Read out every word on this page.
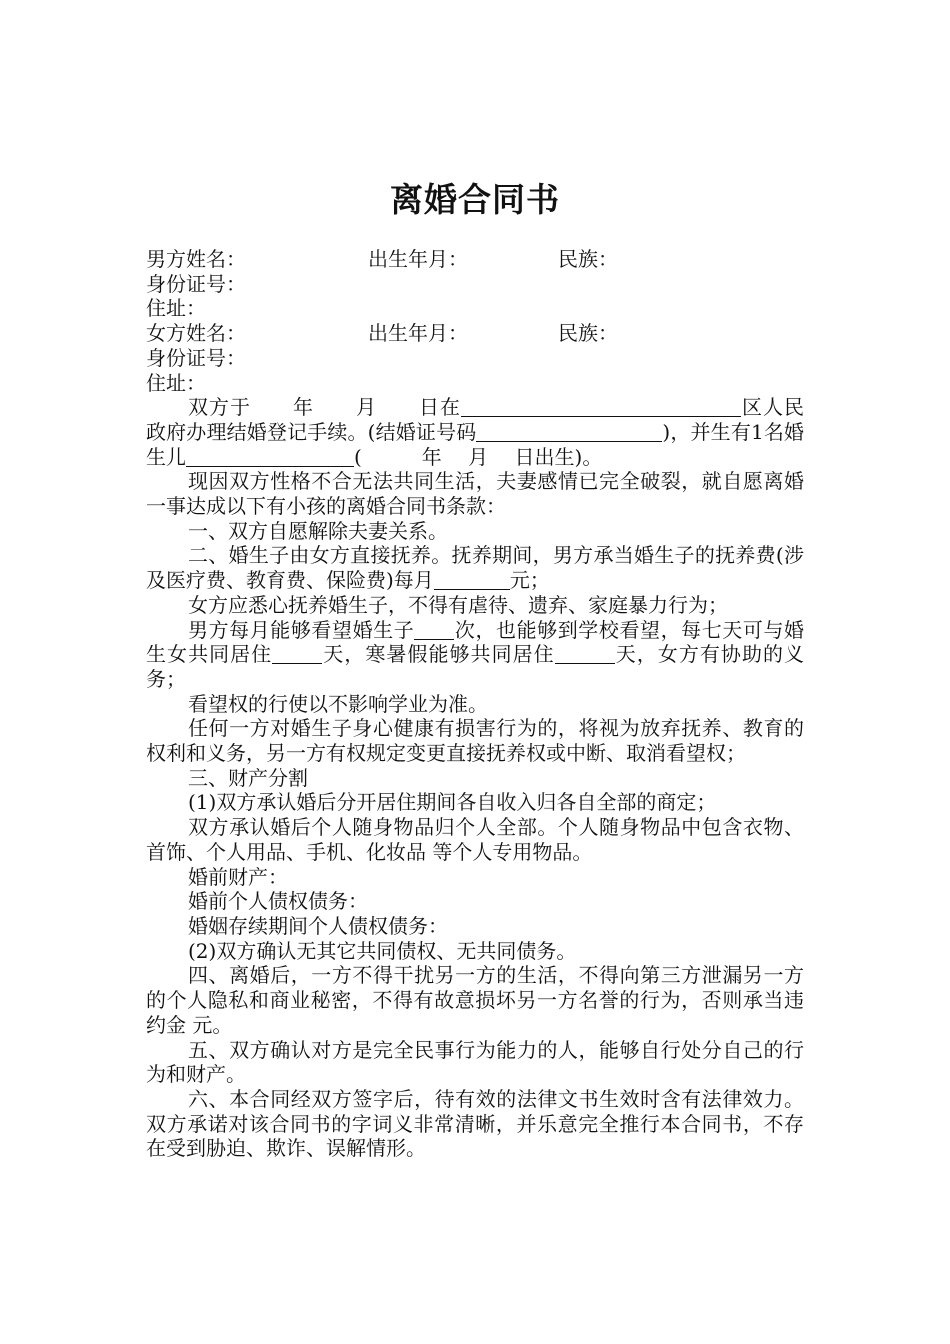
离婚合同书
男方姓名：	出生年月：	民族：

身份证号：

住址：

女方姓名：	出生年月：	民族：

身份证号：

住址：

双方于　　年　　月　　日在	区人民政府办理结婚登记手续。(结婚证号码	)，并生有1名婚生儿	(　　　年　 月　 日出生)。

现因双方性格不合无法共同生活，夫妻感情已完全破裂，就自愿离婚一事达成以下有小孩的离婚合同书条款：

一、双方自愿解除夫妻关系。

二、婚生子由女方直接抚养。抚养期间，男方承当婚生子的抚养费(涉及医疗费、教育费、保险费)每月	元；

女方应悉心抚养婚生子，不得有虐待、遗弃、家庭暴力行为；

男方每月能够看望婚生子 次，也能够到学校看望，每七天可与婚生女共同居住	天，寒暑假能够共同居住	天，女方有协助的义务；

看望权的行使以不影响学业为准。

任何一方对婚生子身心健康有损害行为的，将视为放弃抚养、教育的权利和义务，另一方有权规定变更直接抚养权或中断、取消看望权；

三、财产分割

(1)双方承认婚后分开居住期间各自收入归各自全部的商定；

双方承认婚后个人随身物品归个人全部。个人随身物品中包含衣物、首饰、个人用品、手机、化妆品 等个人专用物品。

婚前财产：

婚前个人债权债务：

婚姻存续期间个人债权债务：

(2)双方确认无其它共同债权、无共同债务。

四、离婚后，一方不得干扰另一方的生活，不得向第三方泄漏另一方的个人隐私和商业秘密，不得有故意损坏另一方名誉的行为，否则承当违约金 元。

五、双方确认对方是完全民事行为能力的人，能够自行处分自己的行为和财产。

六、本合同经双方签字后，待有效的法律文书生效时含有法律效力。双方承诺对该合同书的字词义非常清晰，并乐意完全推行本合同书，不存在受到胁迫、欺诈、误解情形。
